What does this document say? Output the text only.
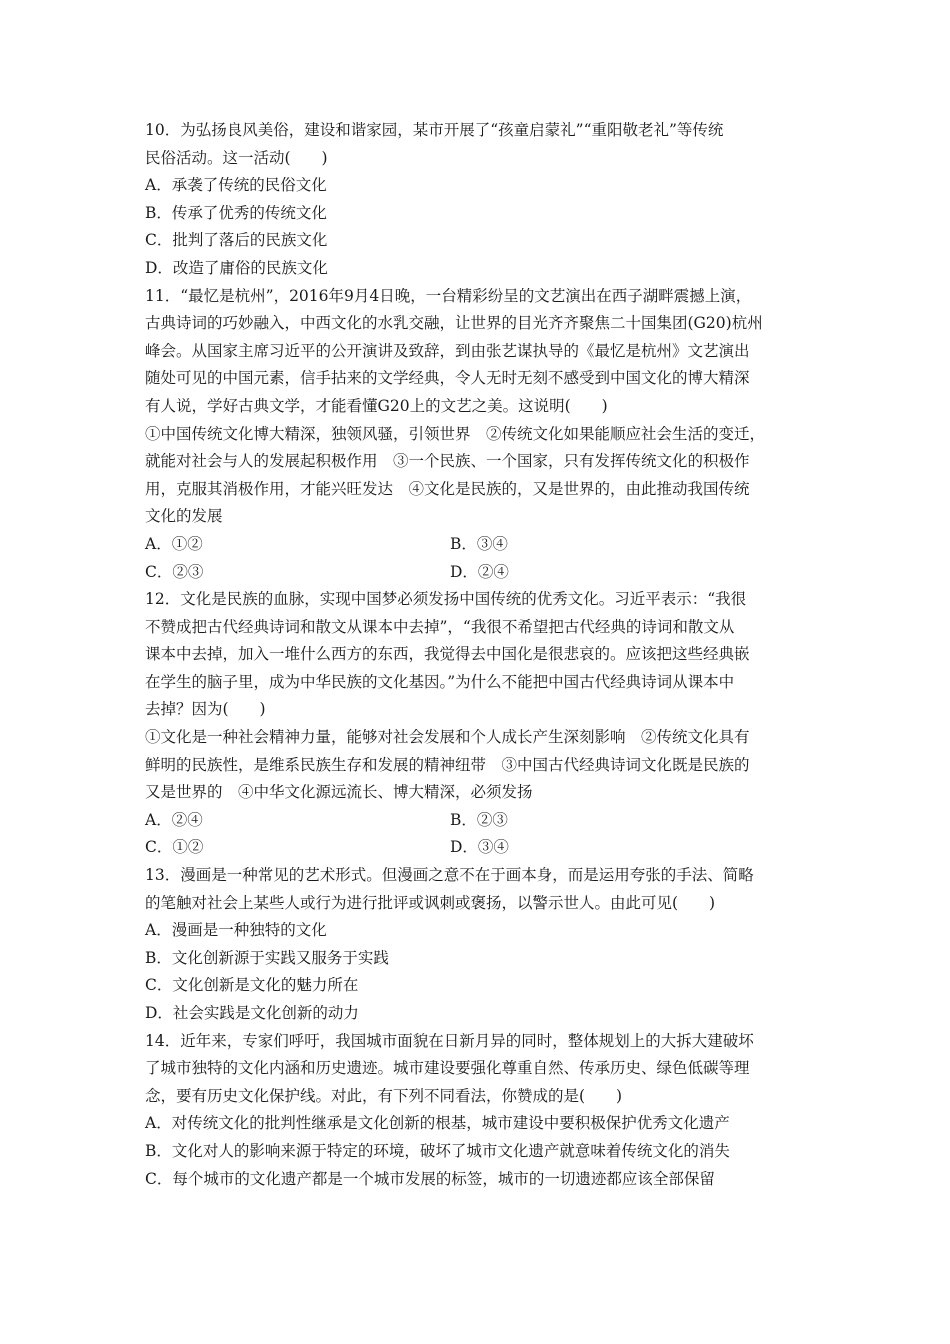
10．为弘扬良风美俗，建设和谐家园，某市开展了“孩童启蒙礼”“重阳敬老礼”等传统

民俗活动。这一活动(　　)

A．承袭了传统的民俗文化

B．传承了优秀的传统文化

C．批判了落后的民族文化

D．改造了庸俗的民族文化

11．“最忆是杭州”，2016年9月4日晚，一台精彩纷呈的文艺演出在西子湖畔震撼上演，

古典诗词的巧妙融入，中西文化的水乳交融，让世界的目光齐齐聚焦二十国集团(G20)杭州

峰会。从国家主席习近平的公开演讲及致辞，到由张艺谋执导的《最忆是杭州》文艺演出

随处可见的中国元素，信手拈来的文学经典，令人无时无刻不感受到中国文化的博大精深

有人说，学好古典文学，才能看懂G20上的文艺之美。这说明(　　)

①中国传统文化博大精深，独领风骚，引领世界　②传统文化如果能顺应社会生活的变迁，

就能对社会与人的发展起积极作用　③一个民族、一个国家，只有发挥传统文化的积极作

用，克服其消极作用，才能兴旺发达　④文化是民族的，又是世界的，由此推动我国传统

文化的发展

A．①②	B．③④
C．②③	D．②④

12．文化是民族的血脉，实现中国梦必须发扬中国传统的优秀文化。习近平表示：“我很

不赞成把古代经典诗词和散文从课本中去掉”，“我很不希望把古代经典的诗词和散文从

课本中去掉，加入一堆什么西方的东西，我觉得去中国化是很悲哀的。应该把这些经典嵌

在学生的脑子里，成为中华民族的文化基因。”为什么不能把中国古代经典诗词从课本中

去掉？因为(　　)

①文化是一种社会精神力量，能够对社会发展和个人成长产生深刻影响　②传统文化具有

鲜明的民族性，是维系民族生存和发展的精神纽带　③中国古代经典诗词文化既是民族的

又是世界的　④中华文化源远流长、博大精深，必须发扬

A．②④	B．②③
C．①②	D．③④

13．漫画是一种常见的艺术形式。但漫画之意不在于画本身，而是运用夸张的手法、简略

的笔触对社会上某些人或行为进行批评或讽刺或褒扬，以警示世人。由此可见(　　)

A．漫画是一种独特的文化

B．文化创新源于实践又服务于实践

C．文化创新是文化的魅力所在

D．社会实践是文化创新的动力

14．近年来，专家们呼吁，我国城市面貌在日新月异的同时，整体规划上的大拆大建破坏

了城市独特的文化内涵和历史遗迹。城市建设要强化尊重自然、传承历史、绿色低碳等理

念，要有历史文化保护线。对此，有下列不同看法，你赞成的是(　　)

A．对传统文化的批判性继承是文化创新的根基，城市建设中要积极保护优秀文化遗产

B．文化对人的影响来源于特定的环境，破坏了城市文化遗产就意味着传统文化的消失

C．每个城市的文化遗产都是一个城市发展的标签，城市的一切遗迹都应该全部保留
